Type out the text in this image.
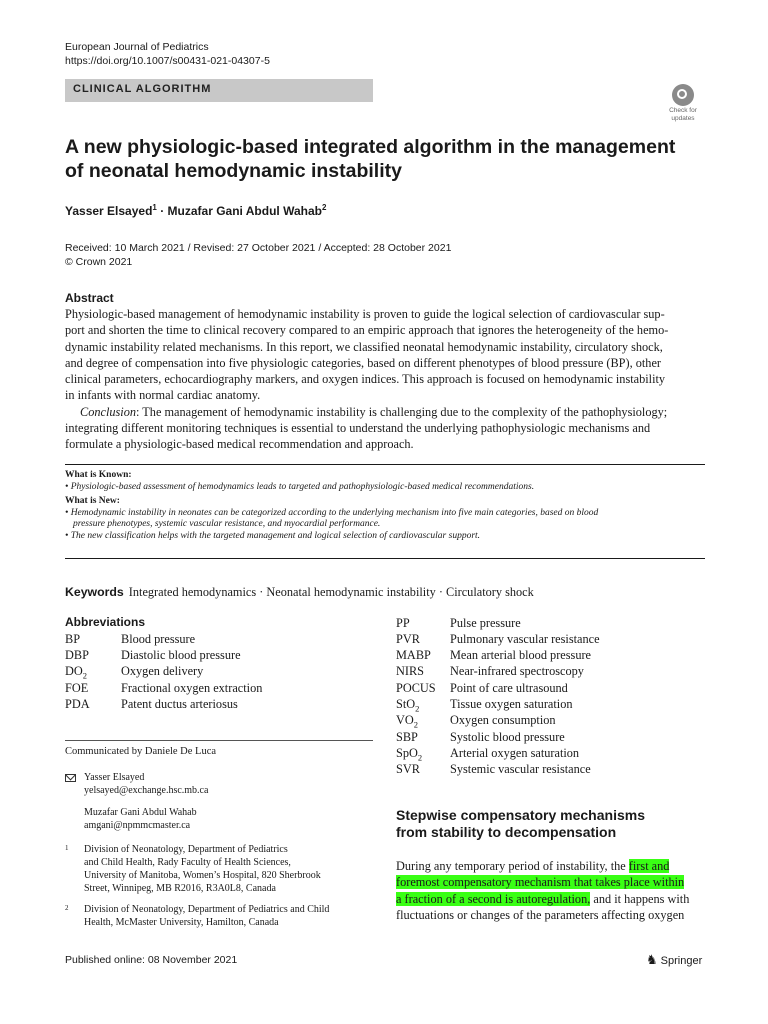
European Journal of Pediatrics
https://doi.org/10.1007/s00431-021-04307-5
CLINICAL ALGORITHM
Check for updates
A new physiologic-based integrated algorithm in the management
of neonatal hemodynamic instability
Yasser Elsayed$^1$ · Muzafar Gani Abdul Wahab$^2$
Received: 10 March 2021 / Revised: 27 October 2021 / Accepted: 28 October 2021
© Crown 2021
Abstract
Physiologic-based management of hemodynamic instability is proven to guide the logical selection of cardiovascular sup-
port and shorten the time to clinical recovery compared to an empiric approach that ignores the heterogeneity of the hemo-
dynamic instability related mechanisms. In this report, we classified neonatal hemodynamic instability, circulatory shock,
and degree of compensation into five physiologic categories, based on different phenotypes of blood pressure (BP), other
clinical parameters, echocardiography markers, and oxygen indices. This approach is focused on hemodynamic instability
in infants with normal cardiac anatomy.
Conclusion: The management of hemodynamic instability is challenging due to the complexity of the pathophysiology;
integrating different monitoring techniques is essential to understand the underlying pathophysiologic mechanisms and
formulate a physiologic-based medical recommendation and approach.
What is Known:
• Physiologic-based assessment of hemodynamics leads to targeted and pathophysiologic-based medical recommendations.
What is New:
• Hemodynamic instability in neonates can be categorized according to the underlying mechanism into five main categories, based on blood
pressure phenotypes, systemic vascular resistance, and myocardial performance.
• The new classification helps with the targeted management and logical selection of cardiovascular support.
Keywords Integrated hemodynamics · Neonatal hemodynamic instability · Circulatory shock
Abbreviations
BP	Blood pressure
DBP	Diastolic blood pressure
$DO_2$	Oxygen delivery
FOE	Fractional oxygen extraction
PDA	Patent ductus arteriosus
PP	Pulse pressure
PVR Pulmonary vascular resistance
MABP Mean arterial blood pressure
NIRS Near-infrared spectroscopy
POCUS Point of care ultrasound
StO$_2$ Tissue oxygen saturation
$VO_2$	Oxygen consumption
SBP	Systolic blood pressure
SpO$_2$ Arterial oxygen saturation
SVR Systemic vascular resistance
Communicated by Daniele De Luca
Yasser Elsayed
yelsayed@exchange.hsc.mb.ca
Muzafar Gani Abdul Wahab
amgani@npmmcmaster.ca
1 Division of Neonatology, Department of Pediatrics
and Child Health, Rady Faculty of Health Sciences,
University of Manitoba, Women’s Hospital, 820 Sherbrook
Street, Winnipeg, MB R2016, R3A0L8, Canada
2 Division of Neonatology, Department of Pediatrics and Child
Health, McMaster University, Hamilton, Canada
Stepwise compensatory mechanisms
from stability to decompensation
During any temporary period of instability, the first and
foremost compensatory mechanism that takes place within
a fraction of a second is autoregulation, and it happens with
fluctuations or changes of the parameters affecting oxygen
Published online: 08 November 2021	♞ Springer
